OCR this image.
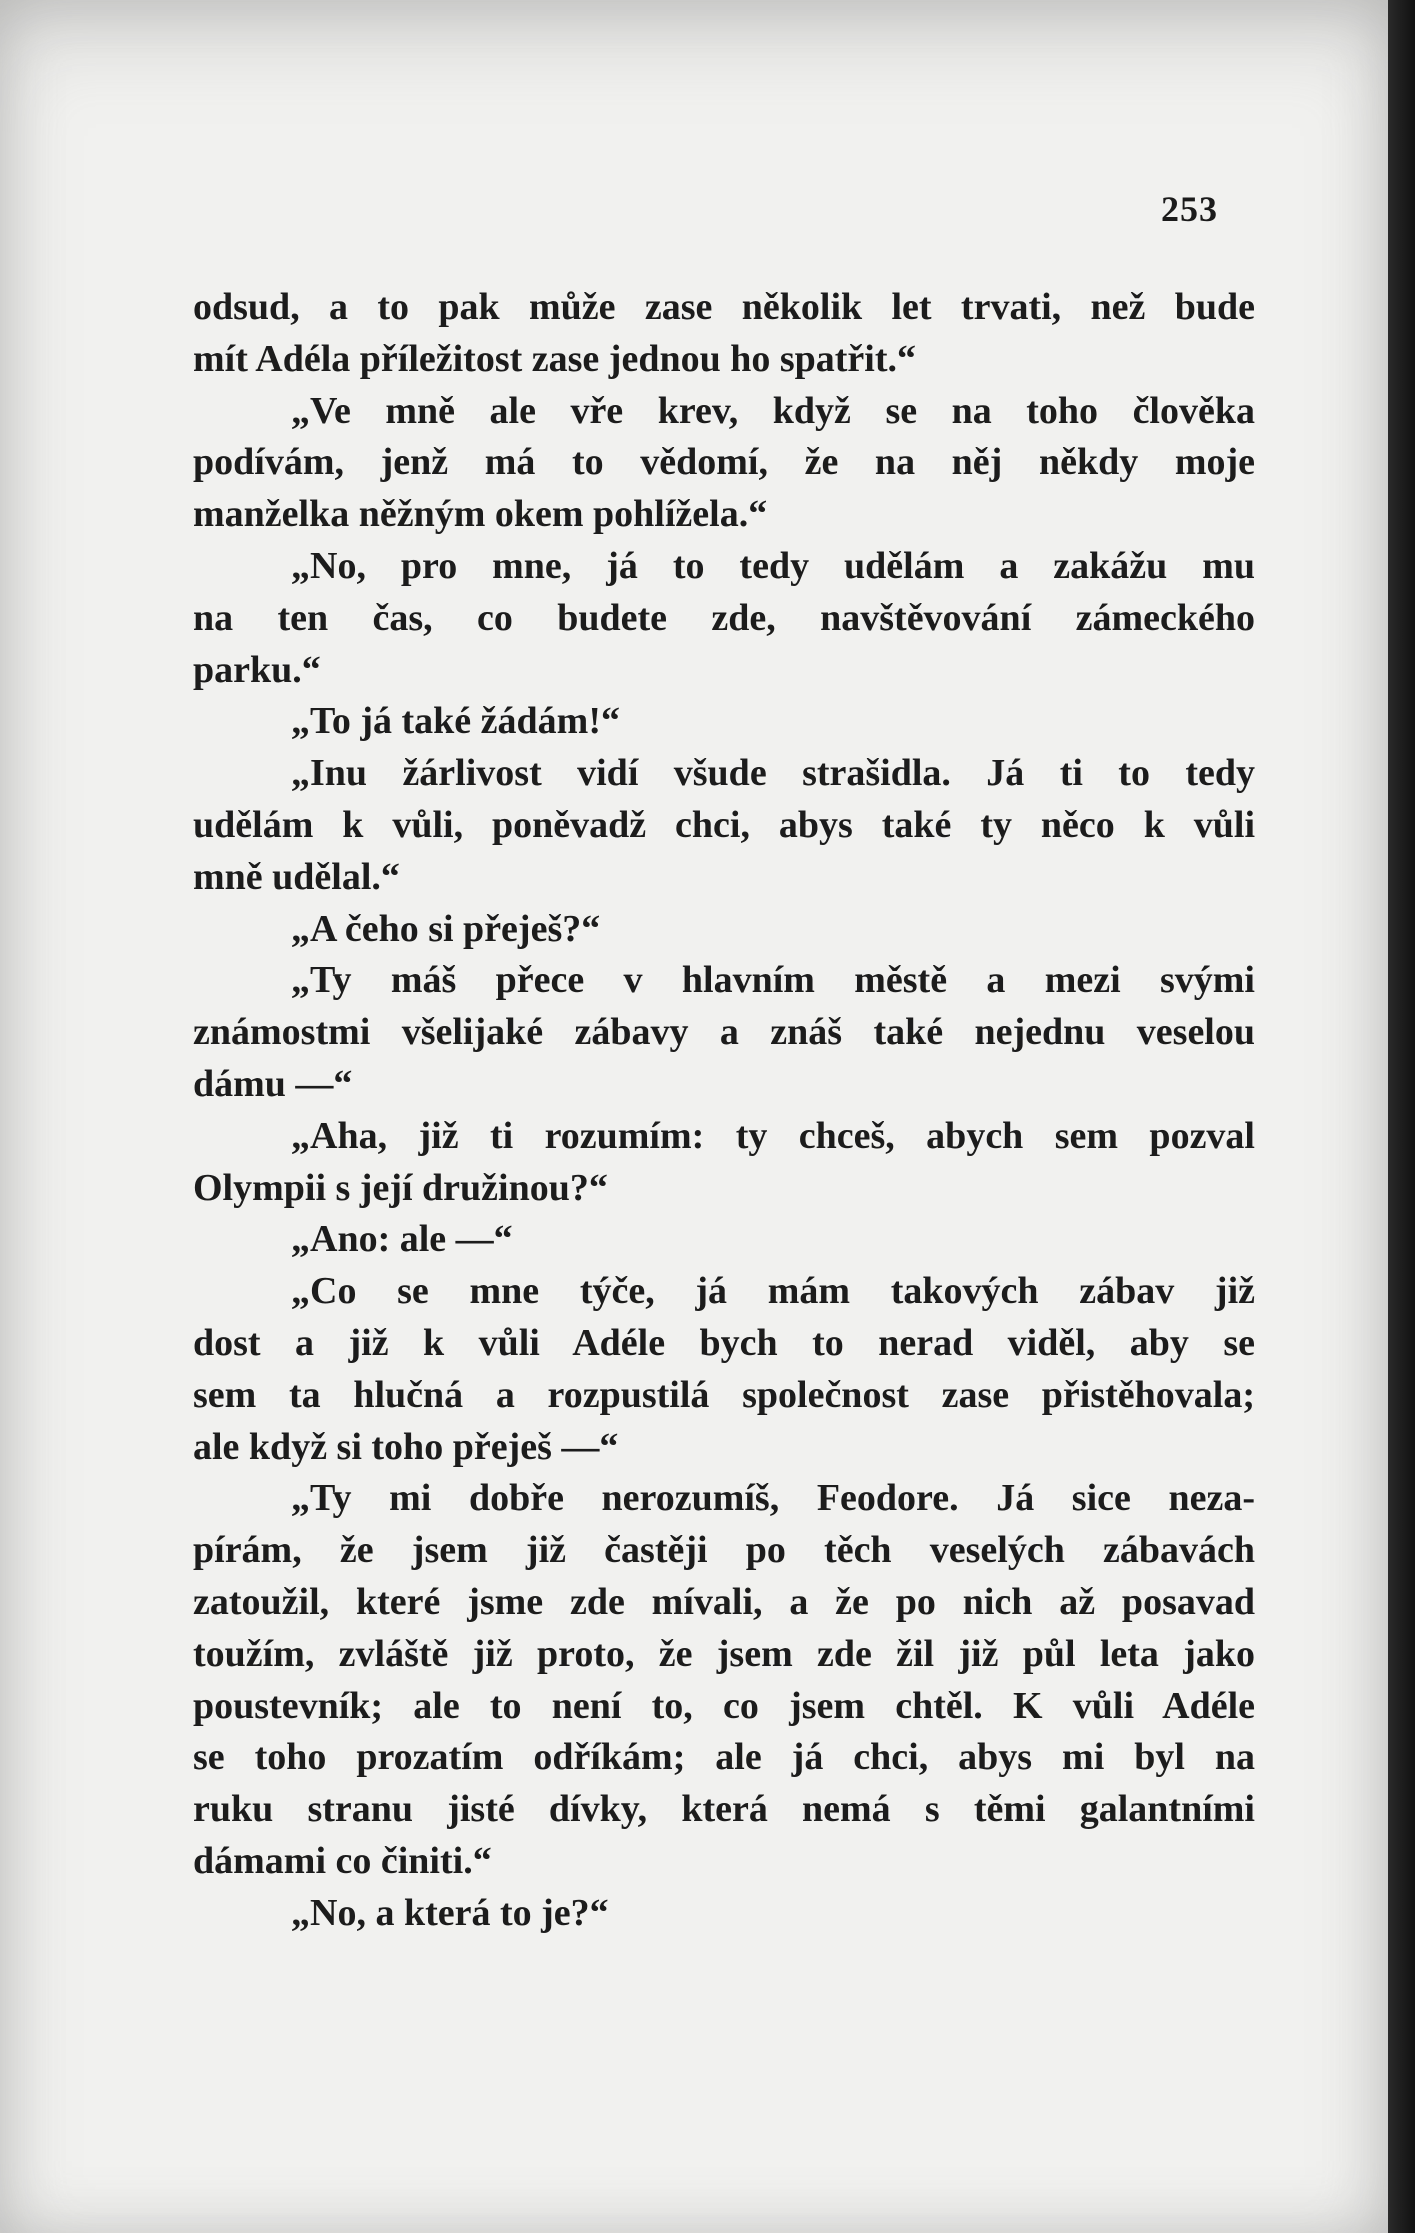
253
odsud, a to pak může zase několik let trvati, než bude
mít Adéla příležitost zase jednou ho spatřit.“
„Ve mně ale vře krev, když se na toho člověka
podívám, jenž má to vědomí, že na něj někdy moje
manželka něžným okem pohlížela.“
„No, pro mne, já to tedy udělám a zakážu mu
na ten čas, co budete zde, navštěvování zámeckého
parku.“
„To já také žádám!“
„Inu žárlivost vidí všude strašidla. Já ti to tedy
udělám k vůli, poněvadž chci, abys také ty něco k vůli
mně udělal.“
„A čeho si přeješ?“
„Ty máš přece v hlavním městě a mezi svými
známostmi všelijaké zábavy a znáš také nejednu veselou
dámu —“
„Aha, již ti rozumím: ty chceš, abych sem pozval
Olympii s její družinou?“
„Ano: ale —“
„Co se mne týče, já mám takových zábav již
dost a již k vůli Adéle bych to nerad viděl, aby se
sem ta hlučná a rozpustilá společnost zase přistěhovala;
ale když si toho přeješ —“
„Ty mi dobře nerozumíš, Feodore. Já sice neza-
pírám, že jsem již častěji po těch veselých zábavách
zatoužil, které jsme zde mívali, a že po nich až posavad
toužím, zvláště již proto, že jsem zde žil již půl leta jako
poustevník; ale to není to, co jsem chtěl. K vůli Adéle
se toho prozatím odříkám; ale já chci, abys mi byl na
ruku stranu jisté dívky, která nemá s těmi galantními
dámami co činiti.“
„No, a která to je?“
